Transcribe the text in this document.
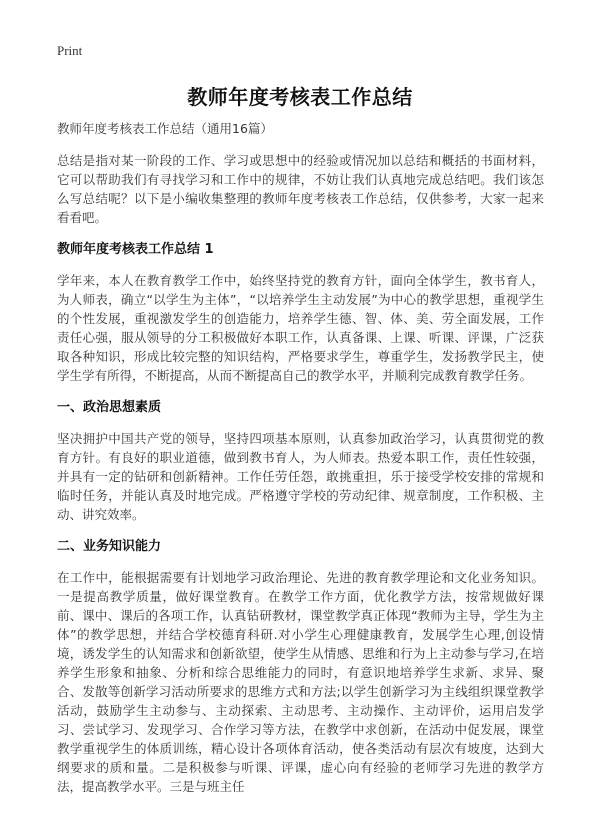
Print
教师年度考核表工作总结

教师年度考核表工作总结（通用16篇）

总结是指对某一阶段的工作、学习或思想中的经验或情况加以总结和概括的书面材料，它可以帮助我们有寻找学习和工作中的规律，不妨让我们认真地完成总结吧。我们该怎么写总结呢？以下是小编收集整理的教师年度考核表工作总结，仅供参考，大家一起来看看吧。

教师年度考核表工作总结 1

学年来，本人在教育教学工作中，始终坚持党的教育方针，面向全体学生，教书育人，为人师表，确立“以学生为主体”，“以培养学生主动发展”为中心的教学思想，重视学生的个性发展，重视激发学生的创造能力，培养学生德、智、体、美、劳全面发展，工作责任心强，服从领导的分工积极做好本职工作，认真备课、上课、听课、评课，广泛获取各种知识，形成比较完整的知识结构，严格要求学生，尊重学生，发扬教学民主，使学生学有所得，不断提高，从而不断提高自己的教学水平，并顺利完成教育教学任务。

一、政治思想素质

坚决拥护中国共产党的领导，坚持四项基本原则，认真参加政治学习，认真贯彻党的教育方针。有良好的职业道德，做到教书育人，为人师表。热爱本职工作，责任性较强，并具有一定的钻研和创新精神。工作任劳任怨，敢挑重担，乐于接受学校安排的常规和临时任务，并能认真及时地完成。严格遵守学校的劳动纪律、规章制度，工作积极、主动、讲究效率。

二、业务知识能力

在工作中，能根据需要有计划地学习政治理论、先进的教育教学理论和文化业务知识。一是提高教学质量，做好课堂教育。在教学工作方面，优化教学方法，按常规做好课前、课中、课后的各项工作，认真钻研教材，课堂教学真正体现“教师为主导，学生为主体”的教学思想，并结合学校德育科研.对小学生心理健康教育，发展学生心理,创设情境，诱发学生的认知需求和创新欲望，使学生从情感、思维和行为上主动参与学习,在培养学生形象和抽象、分析和综合思维能力的同时，有意识地培养学生求新、求异、聚合、发散等创新学习活动所要求的思维方式和方法;以学生创新学习为主线组织课堂教学活动，鼓励学生主动参与、主动探索、主动思考、主动操作、主动评价，运用启发学习、尝试学习、发现学习、合作学习等方法，在教学中求创新，在活动中促发展，课堂教学重视学生的体质训练，精心设计各项体育活动，使各类活动有层次有坡度，达到大纲要求的质和量。二是积极参与听课、评课，虚心向有经验的老师学习先进的教学方法，提高教学水平。三是与班主任
